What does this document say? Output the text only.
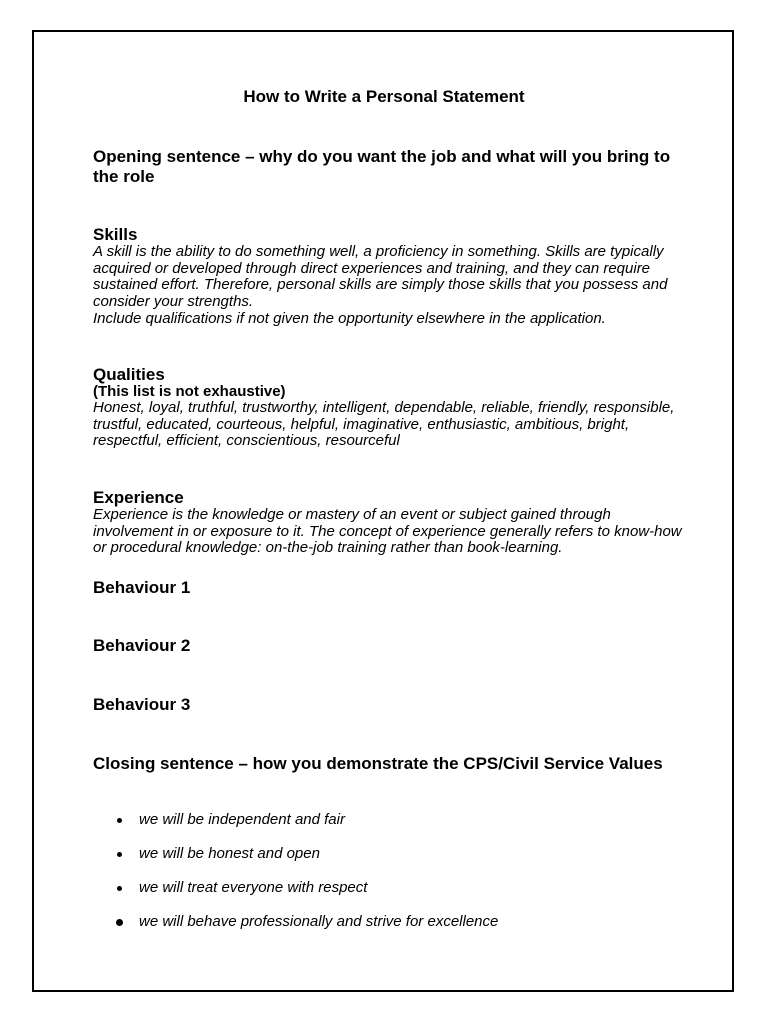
How to Write a Personal Statement
Opening sentence – why do you want the job and what will you bring to the role
Skills

A skill is the ability to do something well, a proficiency in something. Skills are typically acquired or developed through direct experiences and training, and they can require sustained effort. Therefore, personal skills are simply those skills that you possess and consider your strengths.

Include qualifications if not given the opportunity elsewhere in the application.

Qualities

(This list is not exhaustive)

Honest, loyal, truthful, trustworthy, intelligent, dependable, reliable, friendly, responsible, trustful, educated, courteous, helpful, imaginative, enthusiastic, ambitious, bright, respectful, efficient, conscientious, resourceful

Experience

Experience is the knowledge or mastery of an event or subject gained through involvement in or exposure to it. The concept of experience generally refers to know-how or procedural knowledge: on-the-job training rather than book-learning.

Behaviour 1
Behaviour 2
Behaviour 3
Closing sentence – how you demonstrate the CPS/Civil Service Values
we will be independent and fair
we will be honest and open
we will treat everyone with respect
we will behave professionally and strive for excellence
